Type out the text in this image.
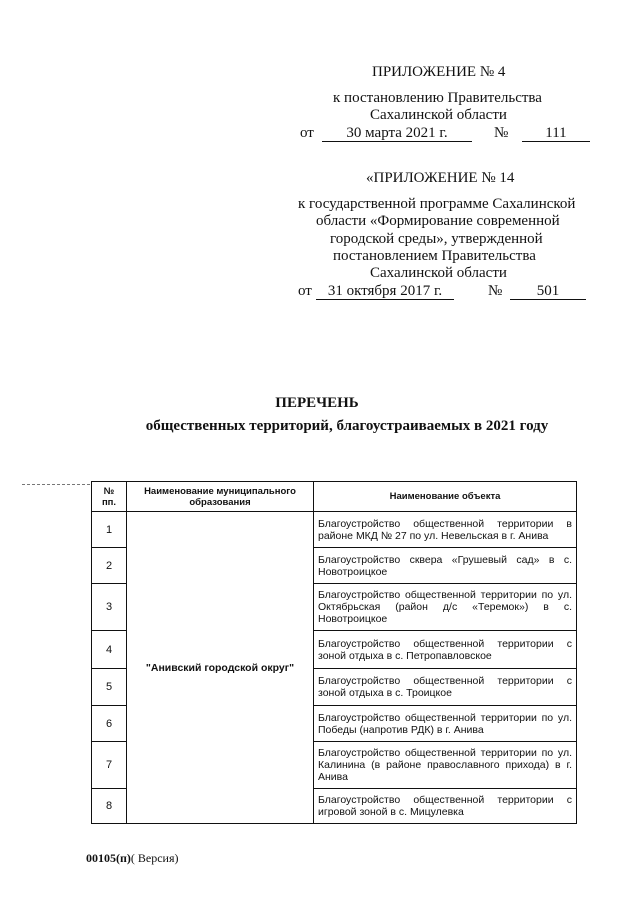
ПРИЛОЖЕНИЕ № 4
к постановлению Правительства
Сахалинской области
от	30 марта 2021 г.	№	111
«ПРИЛОЖЕНИЕ № 14
к государственной программе Сахалинской
области «Формирование современной
городской среды», утвержденной
постановлением Правительства
Сахалинской области
от	31 октября 2017 г.	№	501
ПЕРЕЧЕНЬ
общественных территорий, благоустраиваемых в 2021 году
№ пп.	Наименование муниципального образования	Наименование объекта
1	"Анивский городской округ"	Благоустройство общественной территории в районе МКД № 27 по ул. Невельская в г. Анива
2		Благоустройство сквера «Грушевый сад» в с. Новотроицкое
3		Благоустройство общественной территории по ул. Октябрьская (район д/с «Теремок») в с. Новотроицкое
4		Благоустройство общественной территории с зоной отдыха в с. Петропавловское
5		Благоустройство общественной территории с зоной отдыха в с. Троицкое
6		Благоустройство общественной территории по ул. Победы (напротив РДК) в г. Анива
7		Благоустройство общественной территории по ул. Калинина (в районе православного прихода) в г. Анива
8		Благоустройство общественной территории с игровой зоной в с. Мицулевка
00105(п)( Версия)
